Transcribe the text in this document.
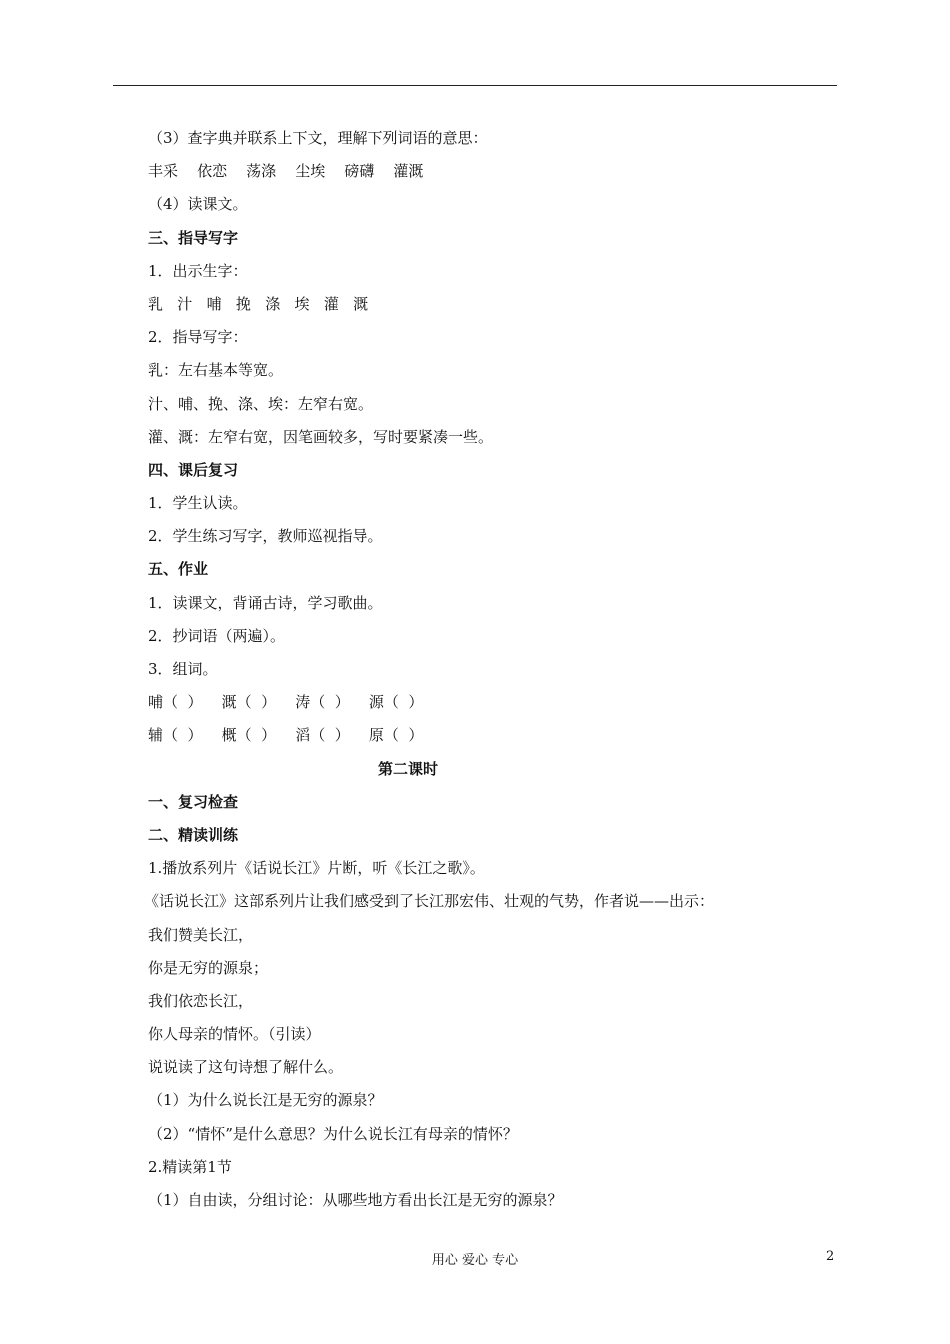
（3）查字典并联系上下文，理解下列词语的意思：
丰采    依恋    荡涤    尘埃    磅礴    灌溉
（4）读课文。
三、指导写字
1．出示生字：
乳   汁   哺   挽   涤   埃   灌   溉
2．指导写字：
乳：左右基本等宽。
汁、哺、挽、涤、埃：左窄右宽。
灌、溉：左窄右宽，因笔画较多，写时要紧凑一些。
四、课后复习
1．学生认读。
2．学生练习写字，教师巡视指导。
五、作业
1．读课文，背诵古诗，学习歌曲。
2．抄词语（两遍）。
3．组词。
哺（  ）    溉（  ）    涛（  ）    源（  ）
辅（  ）    概（  ）    滔（  ）    原（  ）
第二课时
一、复习检查
二、精读训练
1.播放系列片《话说长江》片断，听《长江之歌》。
《话说长江》这部系列片让我们感受到了长江那宏伟、壮观的气势，作者说——出示：
我们赞美长江，
你是无穷的源泉；
我们依恋长江，
你人母亲的情怀。（引读）
说说读了这句诗想了解什么。
（1）为什么说长江是无穷的源泉？
（2）“情怀”是什么意思？为什么说长江有母亲的情怀？
2.精读第1节
（1）自由读，分组讨论：从哪些地方看出长江是无穷的源泉？
用心 爱心 专心	2
